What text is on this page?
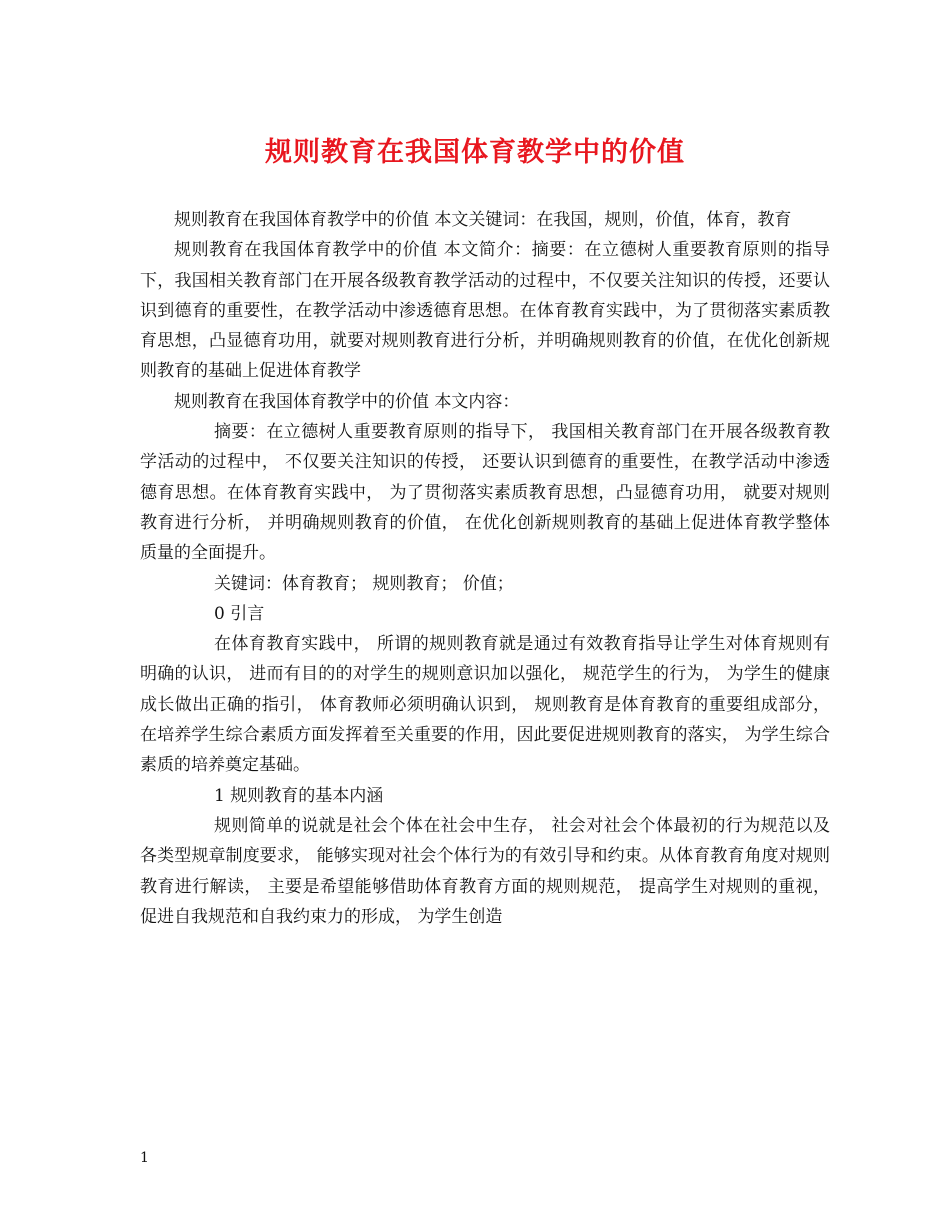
规则教育在我国体育教学中的价值

规则教育在我国体育教学中的价值 本文关键词：在我国，规则，价值，体育，教育

规则教育在我国体育教学中的价值 本文简介：摘要：在立德树人重要教育原则的指导下，我国相关教育部门在开展各级教育教学活动的过程中，不仅要关注知识的传授，还要认识到德育的重要性，在教学活动中渗透德育思想。在体育教育实践中，为了贯彻落实素质教育思想，凸显德育功用，就要对规则教育进行分析，并明确规则教育的价值，在优化创新规则教育的基础上促进体育教学

规则教育在我国体育教学中的价值 本文内容：

摘要：在立德树人重要教育原则的指导下， 我国相关教育部门在开展各级教育教学活动的过程中， 不仅要关注知识的传授， 还要认识到德育的重要性，在教学活动中渗透德育思想。在体育教育实践中， 为了贯彻落实素质教育思想，凸显德育功用， 就要对规则教育进行分析， 并明确规则教育的价值， 在优化创新规则教育的基础上促进体育教学整体质量的全面提升。

关键词：体育教育； 规则教育； 价值；

0 引言

在体育教育实践中， 所谓的规则教育就是通过有效教育指导让学生对体育规则有明确的认识， 进而有目的的对学生的规则意识加以强化， 规范学生的行为， 为学生的健康成长做出正确的指引， 体育教师必须明确认识到， 规则教育是体育教育的重要组成部分， 在培养学生综合素质方面发挥着至关重要的作用，因此要促进规则教育的落实， 为学生综合素质的培养奠定基础。

1 规则教育的基本内涵

规则简单的说就是社会个体在社会中生存， 社会对社会个体最初的行为规范以及各类型规章制度要求， 能够实现对社会个体行为的有效引导和约束。从体育教育角度对规则教育进行解读， 主要是希望能够借助体育教育方面的规则规范， 提高学生对规则的重视， 促进自我规范和自我约束力的形成， 为学生创造

1
